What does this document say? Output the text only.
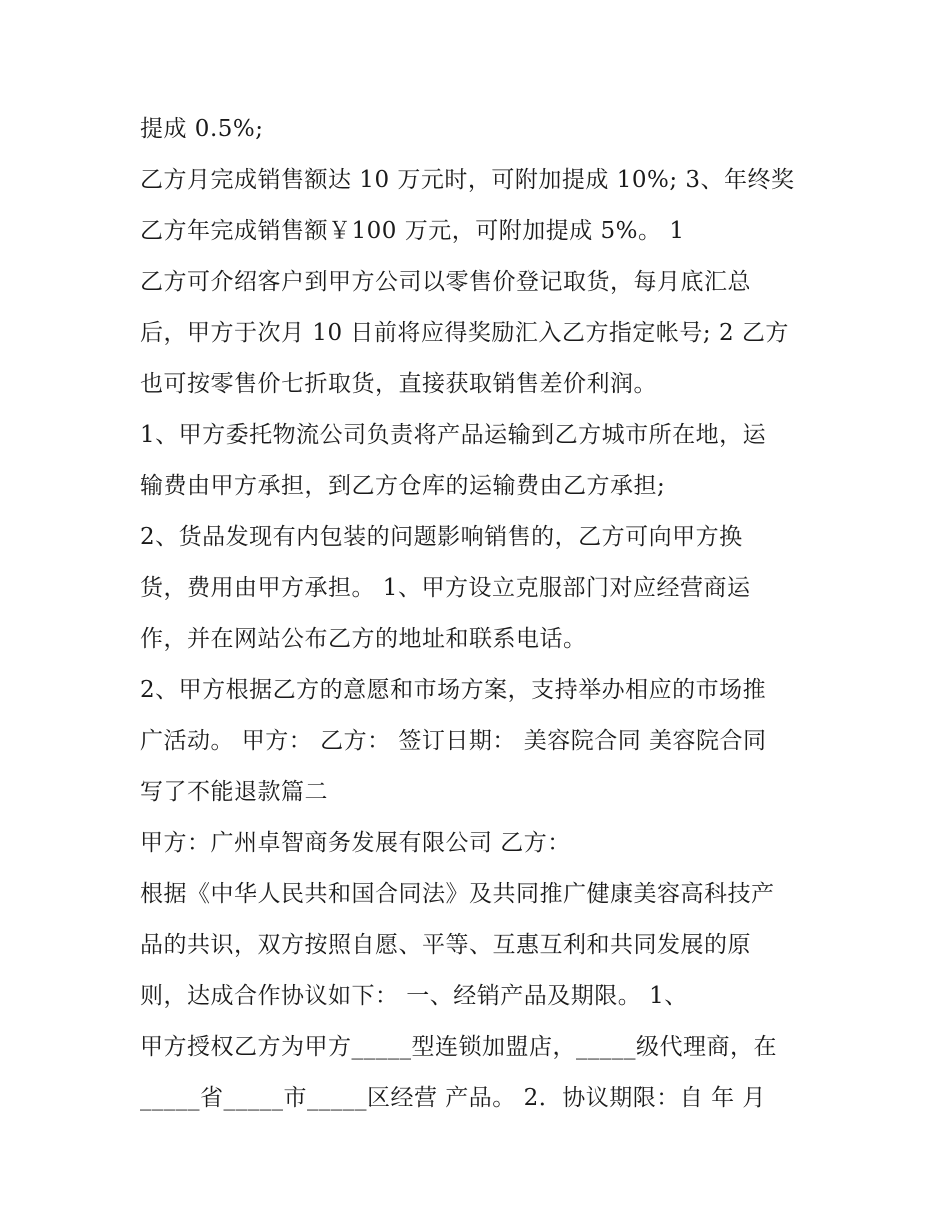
提成 0.5%;
乙方月完成销售额达 10 万元时，可附加提成 10%; 3、年终奖
乙方年完成销售额￥100 万元，可附加提成 5%。 1
乙方可介绍客户到甲方公司以零售价登记取货，每月底汇总
后，甲方于次月 10 日前将应得奖励汇入乙方指定帐号; 2 乙方
也可按零售价七折取货，直接获取销售差价利润。
1、甲方委托物流公司负责将产品运输到乙方城市所在地，运
输费由甲方承担，到乙方仓库的运输费由乙方承担;
2、货品发现有内包装的问题影响销售的，乙方可向甲方换
货，费用由甲方承担。 1、甲方设立克服部门对应经营商运
作，并在网站公布乙方的地址和联系电话。
2、甲方根据乙方的意愿和市场方案，支持举办相应的市场推
广活动。 甲方： 乙方： 签订日期： 美容院合同 美容院合同
写了不能退款篇二
甲方：广州卓智商务发展有限公司 乙方：
根据《中华人民共和国合同法》及共同推广健康美容高科技产
品的共识，双方按照自愿、平等、互惠互利和共同发展的原
则，达成合作协议如下： 一、经销产品及期限。 1、
甲方授权乙方为甲方_____型连锁加盟店，_____级代理商，在
_____省_____市_____区经营 产品。 2．协议期限：自 年 月
